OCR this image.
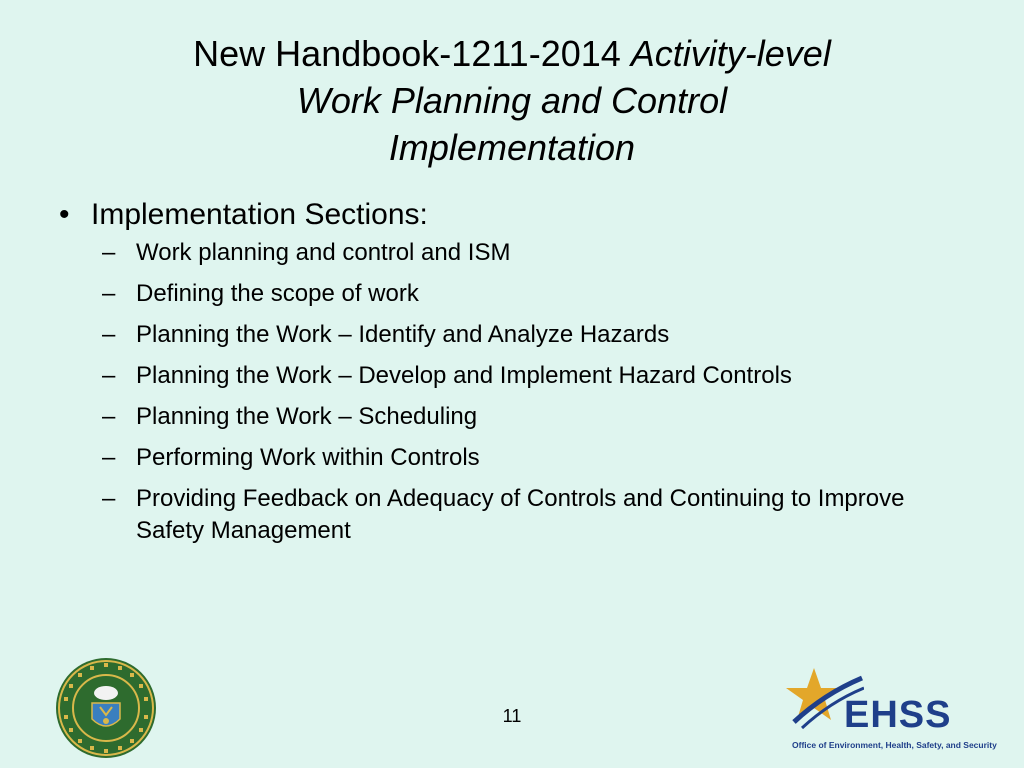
New Handbook-1211-2014 Activity-level
Work Planning and Control
Implementation
• Implementation Sections:
– Work planning and control and ISM
– Defining the scope of work
– Planning the Work – Identify and Analyze Hazards
– Planning the Work – Develop and Implement Hazard Controls
– Planning the Work – Scheduling
– Performing Work within Controls
– Providing Feedback on Adequacy of Controls and Continuing to Improve Safety Management
11	EHSS
Office of Environment, Health, Safety, and Security
